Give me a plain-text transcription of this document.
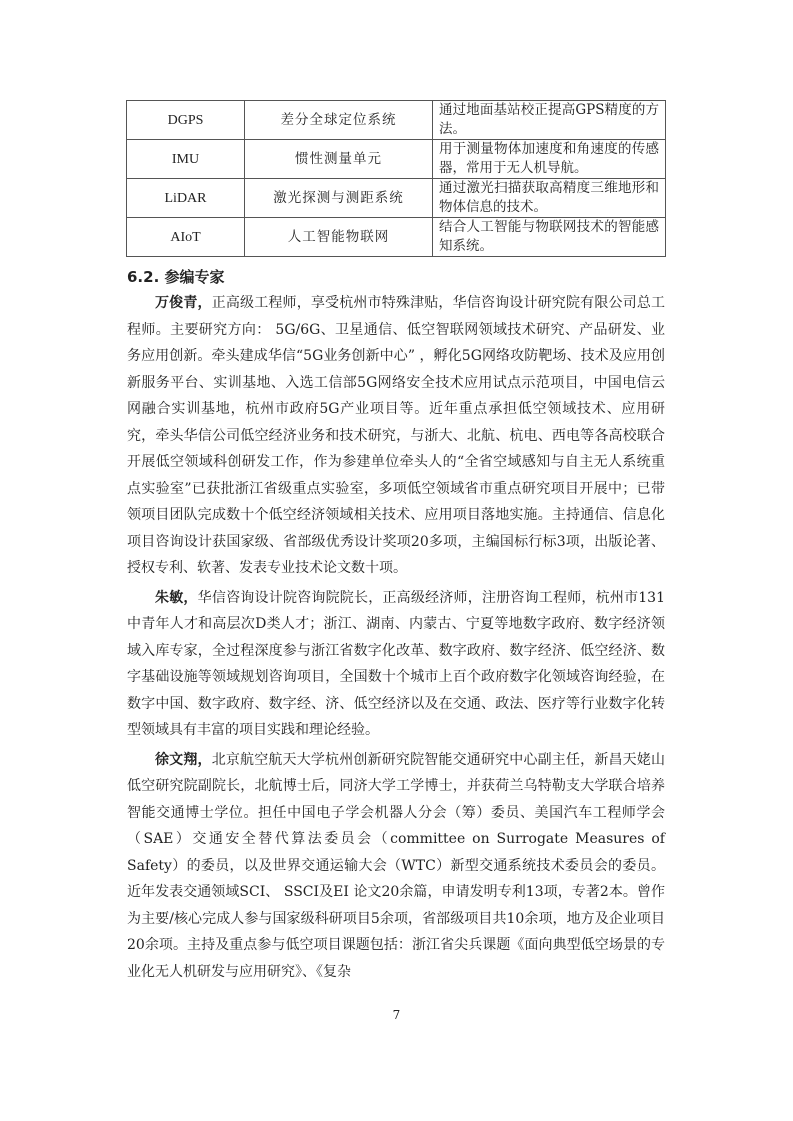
DGPS	差分全球定位系统	通过地面基站校正提高GPS精度的方法。
IMU	惯性测量单元	用于测量物体加速度和角速度的传感器，常用于无人机导航。
LiDAR	激光探测与测距系统	通过激光扫描获取高精度三维地形和物体信息的技术。
AIoT	人工智能物联网	结合人工智能与物联网技术的智能感知系统。
6.2. 参编专家

万俊青，正高级工程师，享受杭州市特殊津贴，华信咨询设计研究院有限公司总工程师。主要研究方向： 5G/6G、卫星通信、低空智联网领域技术研究、产品研发、业务应用创新。牵头建成华信“5G业务创新中心” ，孵化5G网络攻防靶场、技术及应用创新服务平台、实训基地、入选工信部5G网络安全技术应用试点示范项目，中国电信云网融合实训基地，杭州市政府5G产业项目等。近年重点承担低空领域技术、应用研究，牵头华信公司低空经济业务和技术研究，与浙大、北航、杭电、西电等各高校联合开展低空领域科创研发工作，作为参建单位牵头人的“全省空域感知与自主无人系统重点实验室”已获批浙江省级重点实验室，多项低空领域省市重点研究项目开展中；已带领项目团队完成数十个低空经济领域相关技术、应用项目落地实施。主持通信、信息化项目咨询设计获国家级、省部级优秀设计奖项20多项，主编国标行标3项，出版论著、授权专利、软著、发表专业技术论文数十项。

朱敏，华信咨询设计院咨询院院长，正高级经济师，注册咨询工程师，杭州市131中青年人才和高层次D类人才；浙江、湖南、内蒙古、宁夏等地数字政府、数字经济领域入库专家，全过程深度参与浙江省数字化改革、数字政府、数字经济、低空经济、数字基础设施等领域规划咨询项目，全国数十个城市上百个政府数字化领域咨询经验，在数字中国、数字政府、数字经、济、低空经济以及在交通、政法、医疗等行业数字化转型领域具有丰富的项目实践和理论经验。

徐文翔，北京航空航天大学杭州创新研究院智能交通研究中心副主任，新昌天姥山低空研究院副院长，北航博士后，同济大学工学博士，并获荷兰乌特勒支大学联合培养智能交通博士学位。担任中国电子学会机器人分会（筹）委员、美国汽车工程师学会（SAE）交通安全替代算法委员会（committee on Surrogate Measures of Safety）的委员，以及世界交通运输大会（WTC）新型交通系统技术委员会的委员。近年发表交通领域SCI、 SSCI及EI 论文20余篇，申请发明专利13项，专著2本。曾作为主要/核心完成人参与国家级科研项目5余项，省部级项目共10余项，地方及企业项目20余项。主持及重点参与低空项目课题包括：浙江省尖兵课题《面向典型低空场景的专业化无人机研发与应用研究》、《复杂

7
